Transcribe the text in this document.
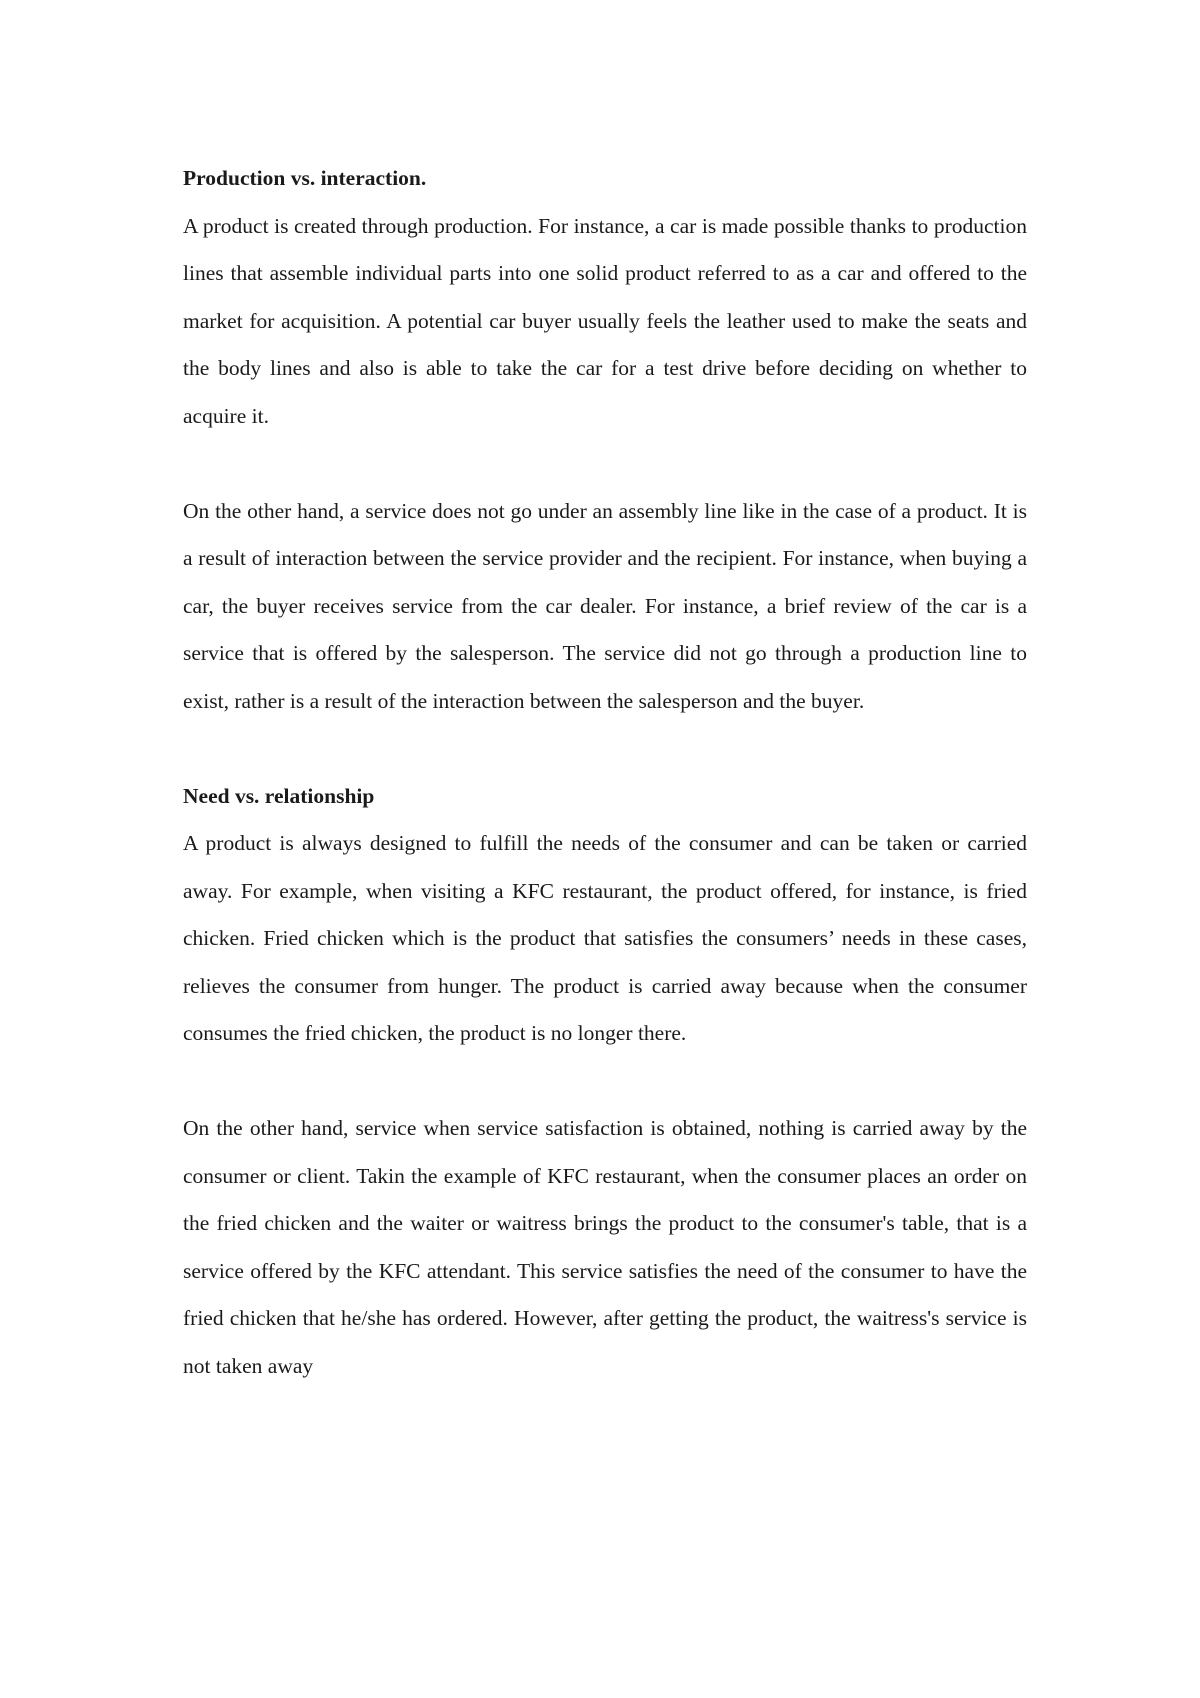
Production vs. interaction.

A product is created through production. For instance, a car is made possible thanks to production lines that assemble individual parts into one solid product referred to as a car and offered to the market for acquisition. A potential car buyer usually feels the leather used to make the seats and the body lines and also is able to take the car for a test drive before deciding on whether to acquire it.

On the other hand, a service does not go under an assembly line like in the case of a product. It is a result of interaction between the service provider and the recipient. For instance, when buying a car, the buyer receives service from the car dealer. For instance, a brief review of the car is a service that is offered by the salesperson. The service did not go through a production line to exist, rather is a result of the interaction between the salesperson and the buyer.

Need vs. relationship

A product is always designed to fulfill the needs of the consumer and can be taken or carried away. For example, when visiting a KFC restaurant, the product offered, for instance, is fried chicken. Fried chicken which is the product that satisfies the consumers’ needs in these cases, relieves the consumer from hunger. The product is carried away because when the consumer consumes the fried chicken, the product is no longer there.

On the other hand, service when service satisfaction is obtained, nothing is carried away by the consumer or client. Takin the example of KFC restaurant, when the consumer places an order on the fried chicken and the waiter or waitress brings the product to the consumer's table, that is a service offered by the KFC attendant. This service satisfies the need of the consumer to have the fried chicken that he/she has ordered. However, after getting the product, the waitress's service is not taken away
